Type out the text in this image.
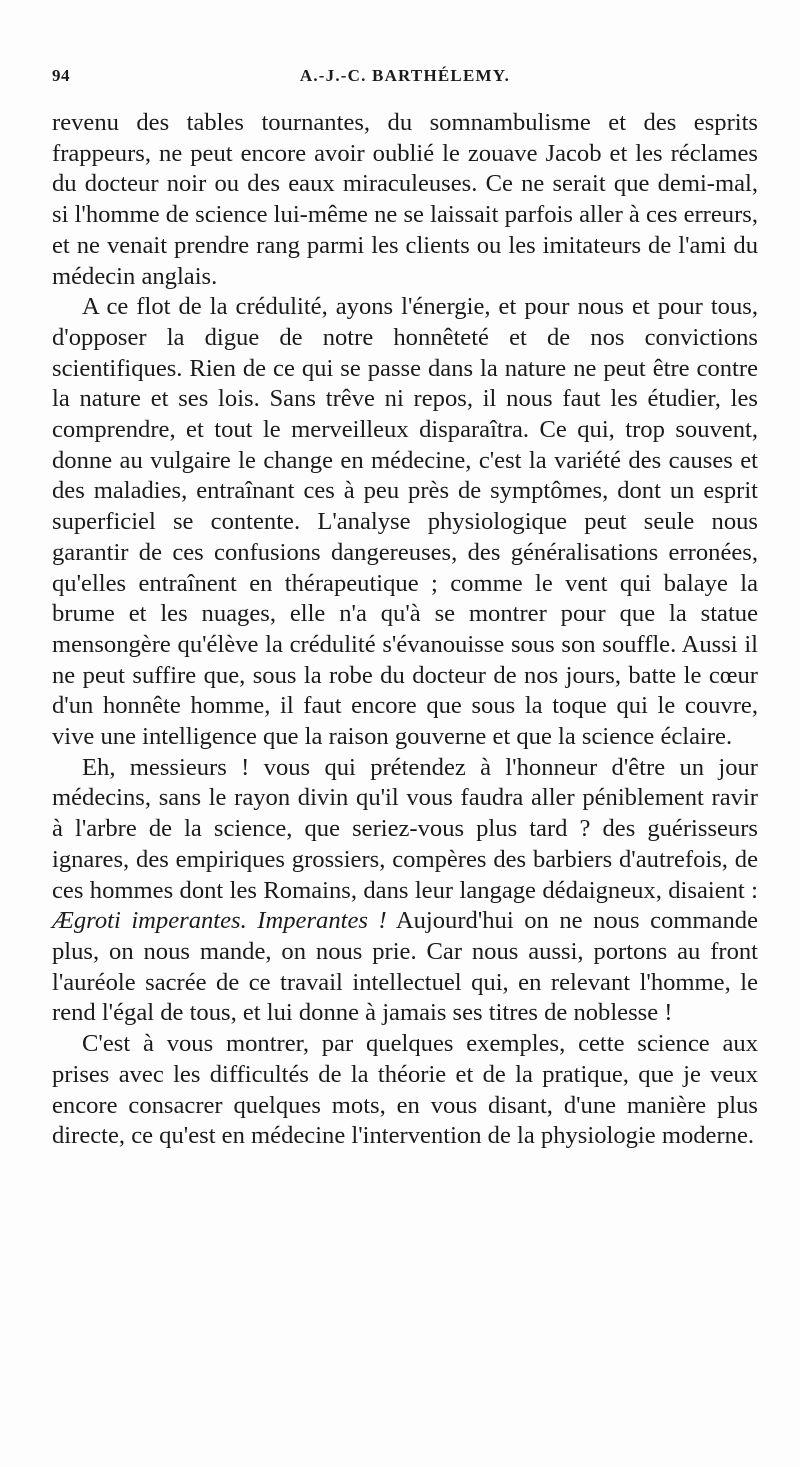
94	A.-J.-C. BARTHÉLEMY.

revenu des tables tournantes, du somnambulisme et des esprits frappeurs, ne peut encore avoir oublié le zouave Jacob et les réclames du docteur noir ou des eaux miraculeuses. Ce ne serait que demi-mal, si l'homme de science lui-même ne se laissait parfois aller à ces erreurs, et ne venait prendre rang parmi les clients ou les imitateurs de l'ami du médecin anglais.

A ce flot de la crédulité, ayons l'énergie, et pour nous et pour tous, d'opposer la digue de notre honnêteté et de nos convictions scientifiques. Rien de ce qui se passe dans la nature ne peut être contre la nature et ses lois. Sans trêve ni repos, il nous faut les étudier, les comprendre, et tout le merveilleux disparaîtra. Ce qui, trop souvent, donne au vulgaire le change en médecine, c'est la variété des causes et des maladies, entraînant ces à peu près de symptômes, dont un esprit superficiel se contente. L'analyse physiologique peut seule nous garantir de ces confusions dangereuses, des généralisations erronées, qu'elles entraînent en thérapeutique ; comme le vent qui balaye la brume et les nuages, elle n'a qu'à se montrer pour que la statue mensongère qu'élève la crédulité s'évanouisse sous son souffle. Aussi il ne peut suffire que, sous la robe du docteur de nos jours, batte le cœur d'un honnête homme, il faut encore que sous la toque qui le couvre, vive une intelligence que la raison gouverne et que la science éclaire.

Eh, messieurs ! vous qui prétendez à l'honneur d'être un jour médecins, sans le rayon divin qu'il vous faudra aller péniblement ravir à l'arbre de la science, que seriez-vous plus tard ? des guérisseurs ignares, des empiriques grossiers, compères des barbiers d'autrefois, de ces hommes dont les Romains, dans leur langage dédaigneux, disaient : Ægroti imperantes. Imperantes ! Aujourd'hui on ne nous commande plus, on nous mande, on nous prie. Car nous aussi, portons au front l'auréole sacrée de ce travail intellectuel qui, en relevant l'homme, le rend l'égal de tous, et lui donne à jamais ses titres de noblesse !

C'est à vous montrer, par quelques exemples, cette science aux prises avec les difficultés de la théorie et de la pratique, que je veux encore consacrer quelques mots, en vous disant, d'une manière plus directe, ce qu'est en médecine l'intervention de la physiologie moderne.
